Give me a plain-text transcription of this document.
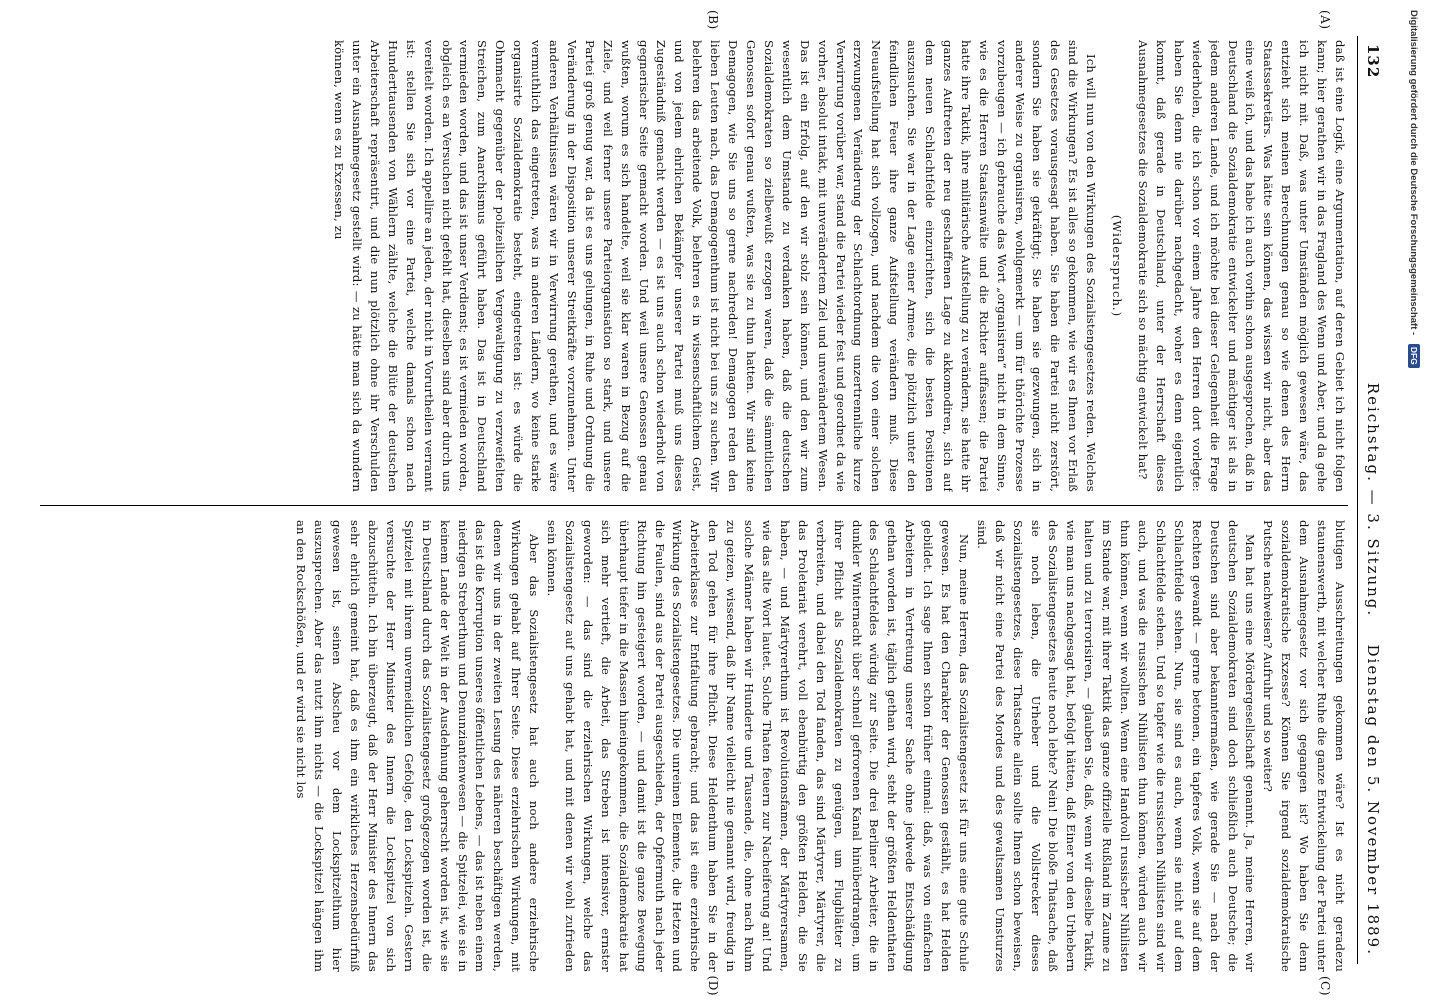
132
Reichstag. — 3. Sitzung.
Dienstag den 5. November 1889.
(A)
(B)
(C)
(D)

daß ist eine Logik, eine Argumentation, auf deren Gebiet ich nicht folgen kann; hier gerathen wir in das Fragland des Wenn und Aber, und da gehe ich nicht mit. Daß, was unter Umständen möglich gewesen wäre, das entzieht sich meinen Berechnungen genau so wie denen des Herrn Staatssekretärs. Was hätte sein können, das wissen wir nicht, aber das eine weiß ich, und das habe ich auch vorhin schon ausgesprochen, daß in Deutschland die Sozialdemokratie entwickelter und mächtiger ist als in jedem anderen Lande, und ich möchte bei dieser Gelegenheit die Frage wiederholen, die ich schon vor einem Jahre den Herren dort vorlegte: haben Sie denn nie darüber nachgedacht, woher es denn eigentlich kommt, daß gerade in Deutschland, unter der Herrschaft dieses Ausnahmegesetzes die Sozialdemokratie sich so mächtig entwickelt hat?

(Widerspruch.)

Ich will nun von den Wirkungen des Sozialistengesetzes reden. Welches sind die Wirkungen? Es ist alles so gekommen, wie wir es Ihnen vor Erlaß des Gesetzes vorausgesagt haben. Sie haben die Partei nicht zerstört, sondern Sie haben sie gekräftigt; Sie haben sie gezwungen, sich in anderer Weise zu organisiren, wohlgemerkt — um für thörichte Prozesse vorzubeugen — ich gebrauche das Wort „organisiren“ nicht in dem Sinne, wie es die Herren Staatsanwälte und die Richter auffassen; die Partei hatte ihre Taktik, ihre militärische Aufstellung zu verändern, sie hatte ihr ganzes Auftreten der neu geschaffenen Lage zu akkomodiren, sich auf dem neuen Schlachtfelde einzurichten, sich die besten Positionen auszusuchen. Sie war in der Lage einer Armee, die plötzlich unter den feindlichen Feuer ihre ganze Aufstellung verändern muß. Diese Neuaufstellung hat sich vollzogen, und nachdem die von einer solchen erzwungenen Veränderung der Schlachtordnung unzertrennliche kurze Verwirrung vorüber war, stand die Partei wieder fest und geordnet da wie vorher, absolut intakt, mit unverändertem Ziel und unverändertem Wesen. Das ist ein Erfolg, auf den wir stolz sein können, und den wir zum wesentlich dem Umstande zu verdanken haben, daß die deutschen Sozialdemokraten so zielbewußt erzogen waren, daß die sämmtlichen Genossen sofort genau wußten, was sie zu thun hatten. Wir sind keine Demagogen, wie Sie uns so gerne nachreden! Demagogen reden den lieben Leuten nach, das Demagogenthum ist nicht bei uns zu suchen. Wir belehren das arbeitende Volk, belehren es in wissenschaftlichem Geist, und von jedem ehrlichen Bekämpfer unserer Partei muß uns dieses Zugeständniß gemacht werden — es ist uns auch schon wiederholt von gegnerischer Seite gemacht worden. Und weil unsere Genossen genau wußten, worum es sich handelte, weil sie klar waren in Bezug auf die Ziele, und weil ferner unsere Parteiorganisation so stark, und unsere Partei groß genug war, da ist es uns gelungen, in Ruhe und Ordnung die Veränderung in der Disposition unserer Streitkräfte vorzunehmen. Unter anderen Verhältnissen wären wir in Verwirrung gerathen, und es wäre vermuthlich das eingetreten, was in anderen Ländern, wo keine starke organisirte Sozialdemokratie besteht, eingetreten ist: es würde die Ohnmacht gegenüber der polizeilichen Vergewaltigung zu verzweifelten Streichen, zum Anarchismus geführt haben. Das ist in Deutschland vermieden worden, und das ist unser Verdienst; es ist vermieden worden, obgleich es an Versuchen nicht gefehlt hat, dieselben sind aber durch uns vereitelt worden. Ich appellire an jeden, der nicht in Vorurtheilen verrannt ist: stellen Sie sich vor eine Partei, welche damals schon nach Hunderttausenden von Wählern zählte, welche die Blüte der deutschen Arbeiterschaft repräsentirt, und die nun plötzlich ohne ihr Verschulden unter ein Ausnahmegesetz gestellt wird: — zu hätte man sich da wundern können, wenn es zu Exzessen, zu

blutigen Ausschreitungen gekommen wäre? Ist es nicht geradezu staunenswerth, mit welcher Ruhe die ganze Entwickelung der Partei unter dem Ausnahmegesetz vor sich gegangen ist? Wo haben Sie denn sozialdemokratische Exzesse? Können Sie irgend sozialdemokratische Putsche nachweisen? Aufruhr und so weiter?

Man hat uns eine Mördergesellschaft genannt. Ja, meine Herren, wir deutschen Sozialdemokraten sind doch schließlich auch Deutsche; die Deutschen sind aber bekanntermaßen, wie gerade Sie — nach der Rechten gewandt — gerne betonen, ein tapferes Volk, wenn sie auf dem Schlachtfelde stehen. Nun, sie sind es auch, wenn sie nicht auf dem Schlachtfelde stehen. Und so tapfer wie die russischen Nihilisten sind wir auch, und was die russischen Nihilisten thun können, würden auch wir thun können, wenn wir wollten. Wenn eine Handvoll russischer Nihilisten im Stande war, mit ihrer Taktik das ganze offizielle Rußland im Zaume zu halten und zu terrorisiren, — glauben Sie, daß, wenn wir dieselbe Taktik, wie man uns nachgesagt hat, befolgt hätten, daß Einer von den Urhebern des Sozialistengesetzes heute noch lebte? Nein! Die bloße Thatsache, daß sie noch leben, die Urheber und die Vollstrecker dieses Sozialistengesetzes, diese Thatsache allein sollte Ihnen schon beweisen, daß wir nicht eine Partei des Mordes und des gewaltsamen Umsturzes sind.

Nun, meine Herren, das Sozialistengesetz ist für uns eine gute Schule gewesen. Es hat den Charakter der Genossen gestählt, es hat Helden gebildet. Ich sage Ihnen schon früher einmal: daß, was von einfachen Arbeitern in Vertretung unserer Sache ohne jedwede Entschädigung gethan worden ist, täglich gethan wird, steht der größten Heldenthaten des Schlachtfeldes würdig zur Seite. Die drei Berliner Arbeiter, die in dunkler Winternacht über schnell gefrorenen Kanal hinüberdrangen, um ihrer Pflicht als Sozialdemokraten zu genügen, um Flugblätter zu verbreiten, und dabei den Tod fanden, das sind Märtyrer, Märtyrer, die das Proletariat verehrt, voll ebenbürtig den größten Helden, die Sie haben, — und Märtyrerthum ist Revolutionsfamen, der Märtyrersamen, wie das alte Wort lautet. Solche Thaten feuern zur Nacheiferung an! Und solche Männer haben wir Hunderte und Tausende, die, ohne nach Ruhm zu geizen, wissend, daß ihr Name vielleicht nie genannt wird, freudig in den Tod gehen für ihre Pflicht. Diese Heldenthum haben Sie in der Arbeiterklasse zur Entfaltung gebracht; und das ist eine erziehrische Wirkung des Sozialistengesetzes. Die unreinen Elemente, die Hetzen und die Faulen, sind aus der Partei ausgeschieden, der Opfermuth nach jeder Richtung hin gesteigert worden, — und damit ist die ganze Bewegung überhaupt tiefer in die Massen hineingekommen, die Sozialdemokratie hat sich mehr vertieft, die Arbeit, das Streben ist intensiver, ernster geworden: — das sind die erziehrischen Wirkungen, welche das Sozialistengesetz auf uns gehabt hat, und mit denen wir wohl zufrieden sein können.

Aber das Sozialistengesetz hat auch noch andere erziehrische Wirkungen gehabt auf Ihrer Seite. Diese erziehrischen Wirkungen, mit denen wir uns in der zweiten Lesung des näheren beschäftigen werden, das ist die Korruption unseres öffentlichen Lebens, — das ist neben einem niedrigen Streberthum und Denunziantenwesen — die Spitzelei, wie sie in keinem Lande der Welt in der Ausdehnung geherrscht worden ist, wie sie in Deutschland durch das Sozialistengesetz großgezogen worden ist, die Spitzelei mit ihrem unvermeidlichen Gefolge, den Lockspitzeln. Gestern versuchte der Herr Minister des Innern die Lockspitzel von sich abzuschütteln. Ich bin überzeugt, daß der Herr Minister des Innern das sehr ehrlich gemeint hat, daß es ihm ein wirkliches Herzensbedürfniß gewesen ist, seinen Abscheu vor dem Lockspitzelthum hier auszusprechen. Aber das nutzt ihm nichts — die Lockspitzel hängen ihm an den Rockschößen, und er wird sie nicht los

Digitalisierung gefördert durch die Deutsche Forschungsgemeinschaft - DFG
